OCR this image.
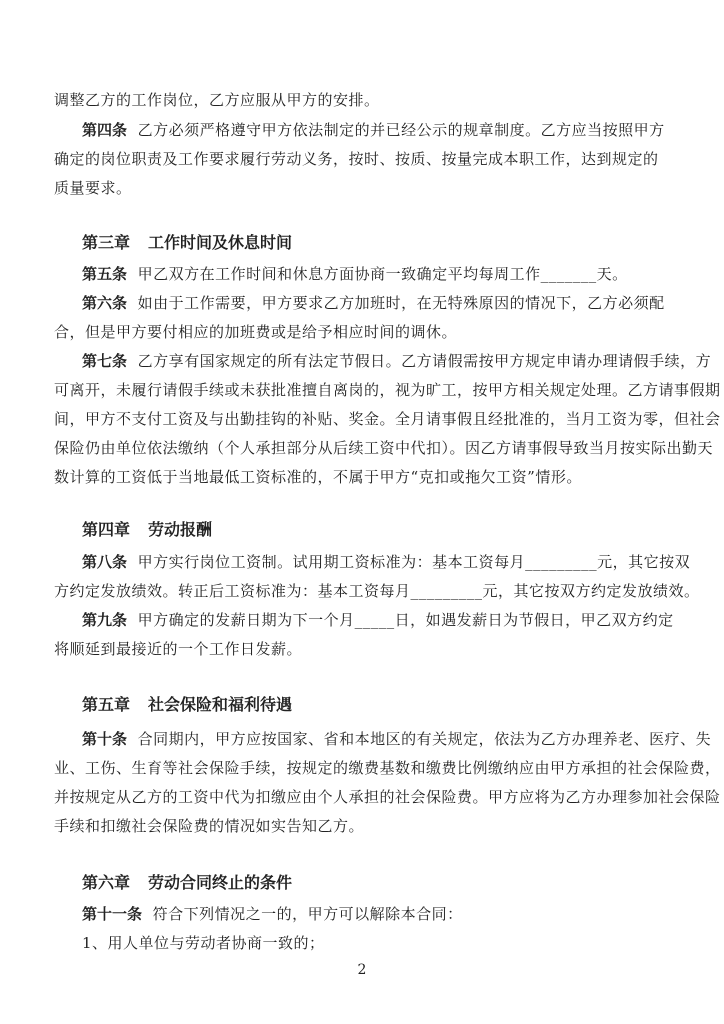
调整乙方的工作岗位，乙方应服从甲方的安排。
第四条 乙方必须严格遵守甲方依法制定的并已经公示的规章制度。乙方应当按照甲方
确定的岗位职责及工作要求履行劳动义务，按时、按质、按量完成本职工作，达到规定的
质量要求。
第三章 工作时间及休息时间
第五条 甲乙双方在工作时间和休息方面协商一致确定平均每周工作_______天。
第六条 如由于工作需要，甲方要求乙方加班时，在无特殊原因的情况下，乙方必须配
合，但是甲方要付相应的加班费或是给予相应时间的调休。
第七条 乙方享有国家规定的所有法定节假日。乙方请假需按甲方规定申请办理请假手续，方
可离开，未履行请假手续或未获批准擅自离岗的，视为旷工，按甲方相关规定处理。乙方请事假期
间，甲方不支付工资及与出勤挂钩的补贴、奖金。全月请事假且经批准的，当月工资为零，但社会
保险仍由单位依法缴纳（个人承担部分从后续工资中代扣）。因乙方请事假导致当月按实际出勤天
数计算的工资低于当地最低工资标准的，不属于甲方“克扣或拖欠工资”情形。
第四章 劳动报酬
第八条 甲方实行岗位工资制。试用期工资标准为：基本工资每月_________元，其它按双
方约定发放绩效。转正后工资标准为：基本工资每月_________元，其它按双方约定发放绩效。
第九条 甲方确定的发薪日期为下一个月_____日，如遇发薪日为节假日，甲乙双方约定
将顺延到最接近的一个工作日发薪。
第五章 社会保险和福利待遇
第十条 合同期内，甲方应按国家、省和本地区的有关规定，依法为乙方办理养老、医疗、失
业、工伤、生育等社会保险手续，按规定的缴费基数和缴费比例缴纳应由甲方承担的社会保险费，
并按规定从乙方的工资中代为扣缴应由个人承担的社会保险费。甲方应将为乙方办理参加社会保险
手续和扣缴社会保险费的情况如实告知乙方。
第六章 劳动合同终止的条件
第十一条 符合下列情况之一的，甲方可以解除本合同：
1、用人单位与劳动者协商一致的；
2
